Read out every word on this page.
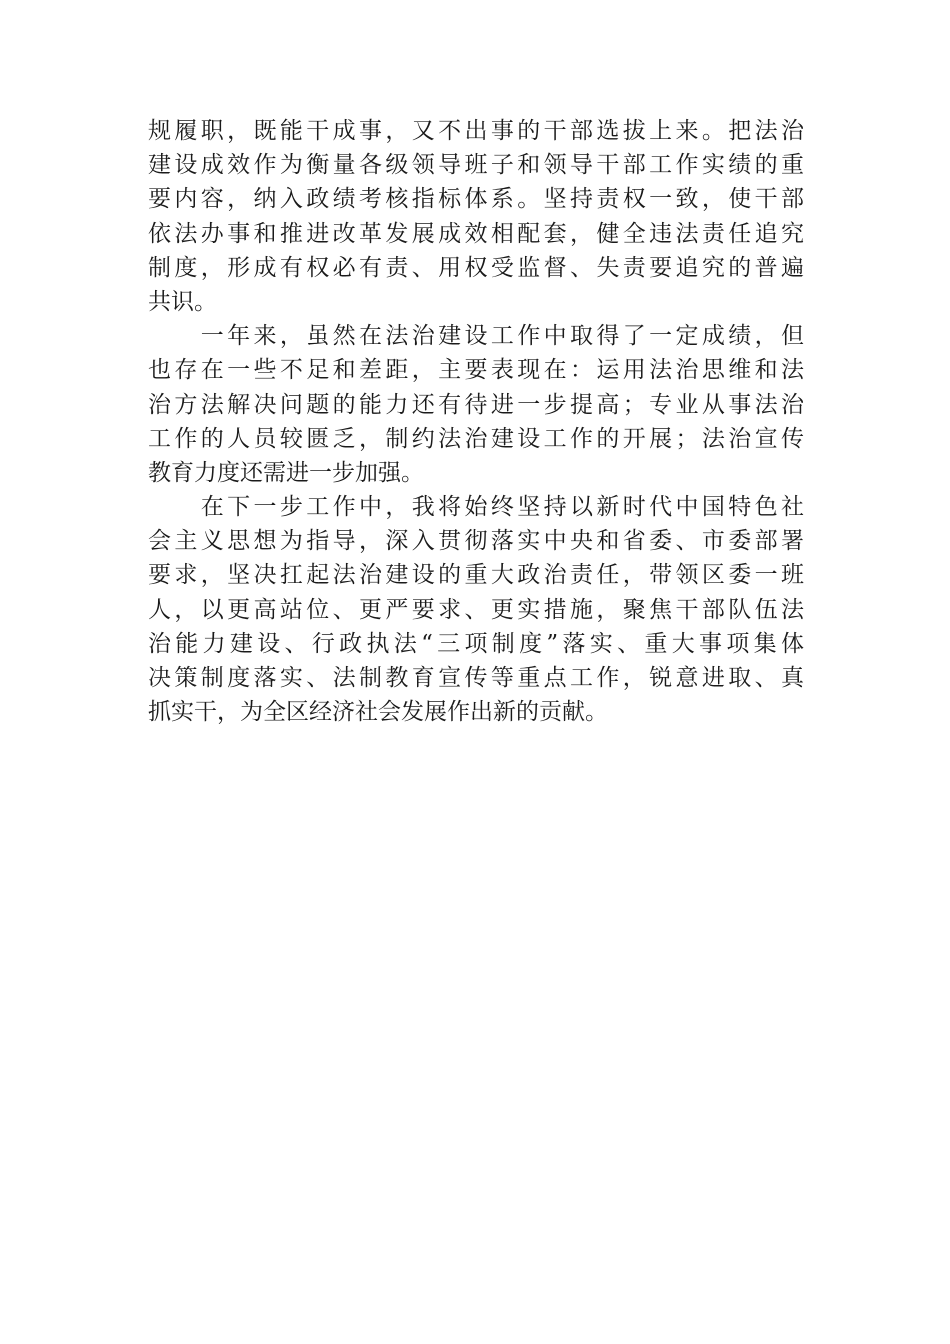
规履职，既能干成事，又不出事的干部选拔上来。把法治
建设成效作为衡量各级领导班子和领导干部工作实绩的重
要内容，纳入政绩考核指标体系。坚持责权一致，使干部
依法办事和推进改革发展成效相配套，健全违法责任追究
制度，形成有权必有责、用权受监督、失责要追究的普遍
共识。
　　一年来，虽然在法治建设工作中取得了一定成绩，但
也存在一些不足和差距，主要表现在：运用法治思维和法
治方法解决问题的能力还有待进一步提高；专业从事法治
工作的人员较匮乏，制约法治建设工作的开展；法治宣传
教育力度还需进一步加强。
　　在下一步工作中，我将始终坚持以新时代中国特色社
会主义思想为指导，深入贯彻落实中央和省委、市委部署
要求，坚决扛起法治建设的重大政治责任，带领区委一班
人，以更高站位、更严要求、更实措施，聚焦干部队伍法
治能力建设、行政执法“三项制度”落实、重大事项集体
决策制度落实、法制教育宣传等重点工作，锐意进取、真
抓实干，为全区经济社会发展作出新的贡献。
